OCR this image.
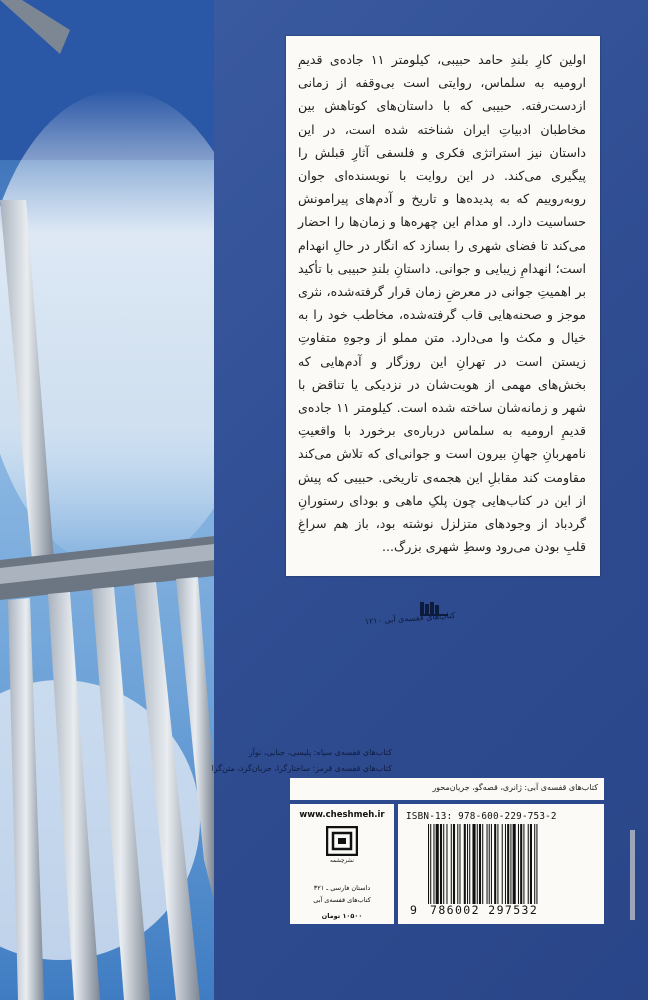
اولین کارِ بلندِ حامد حبیبی، کیلومتر ۱۱ جاده‌ی قدیمِ ارومیه به سلماس، روایتی است بی‌وقفه از زمانی ازدست‌رفته. حبیبی که با داستان‌های کوتاهش بین مخاطبان ادبیاتِ ایران شناخته شده است، در این داستان نیز استراتژی فکری و فلسفی آثارِ قبلش را پیگیری می‌کند. در این روایت با نویسنده‌ای جوان روبه‌روییم که به پدیده‌ها و تاریخ و آدم‌های پیرامونش حساسیت دارد. او مدام این چهره‌ها و زمان‌ها را احضار می‌کند تا فضای شهری را بسازد که انگار در حالِ انهدام است؛ انهدامِ زیبایی و جوانی. داستانِ بلندِ حبیبی با تأکید بر اهمیتِ جوانی در معرضِ زمان قرار گرفته‌شده، نثری موجز و صحنه‌هایی قاب گرفته‌شده، مخاطب خود را به خیال و مکث وا می‌دارد. متن مملو از وجوهِ متفاوتِ زیستن است در تهرانِ این روزگار و آدم‌هایی که بخش‌های مهمی از هویت‌شان در نزدیکی یا تناقض با شهر و زمانه‌شان ساخته شده است. کیلومتر ۱۱ جاده‌ی قدیمِ ارومیه به سلماس درباره‌ی برخورد با واقعیتِ نامهربانِ جهانِ بیرون است و جوانی‌ای که تلاش می‌کند مقاومت کند مقابلِ این هجمه‌ی تاریخی. حبیبی که پیش از این در کتاب‌هایی چون پلکِ ماهی و بودای رستورانِ گردباد از وجودهای متزلزل نوشته بود، باز هم سراغِ قلبِ بودن می‌رود وسطِ شهری بزرگ...

کتاب‌های قفسه‌ی آبی ۱۲۱۰
کتاب‌های قفسه‌ی سیاه: پلیسی، جنایی، نوآر
کتاب‌های قفسه‌ی قرمز: ساختارگرا، جریان‌گرد، متن‌گرا
کتاب‌های قفسه‌ی آبی: ژانری، قصه‌گو، جریان‌محور
www.cheshmeh.ir
نشرچشمه
داستان فارسی ـ ۳۲۱
کتاب‌های قفسه‌ی آبی
۱۰۵۰۰ تومان
ISBN-13: 978-600-229-753-2
9 786002 297532
